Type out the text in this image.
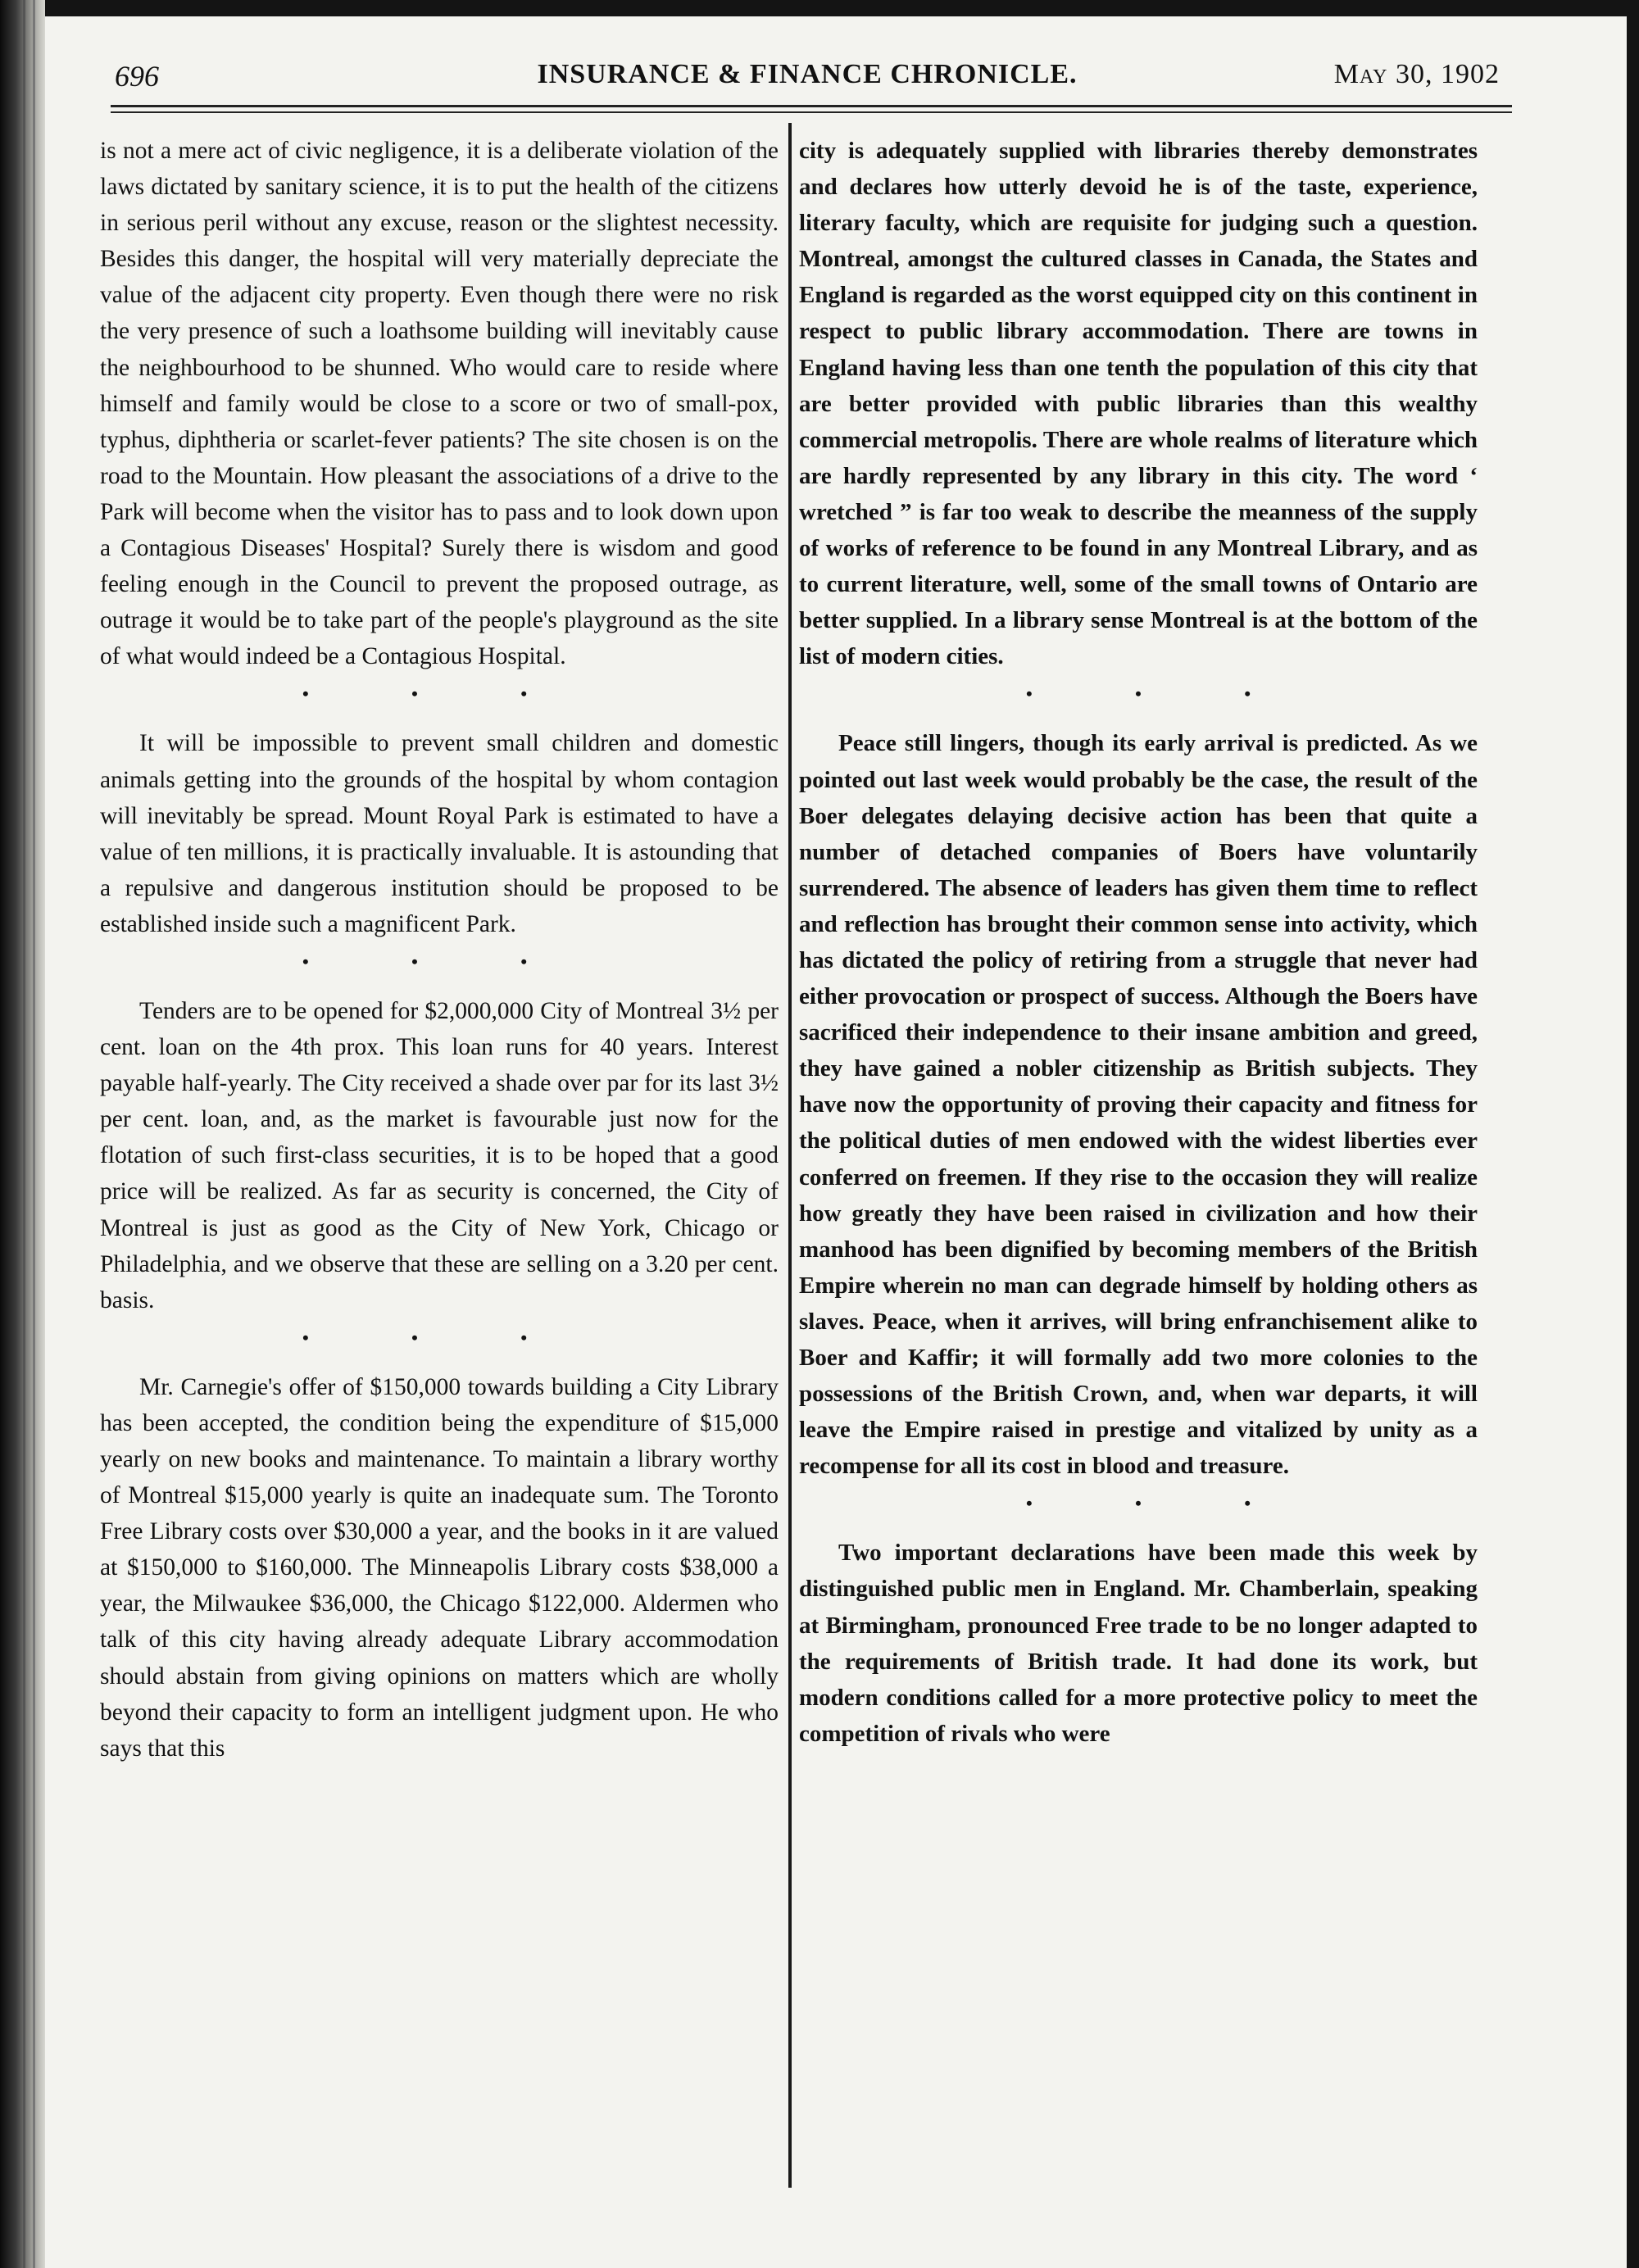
696	INSURANCE & FINANCE CHRONICLE.	May 30, 1902

is not a mere act of civic negligence, it is a deliberate violation of the laws dictated by sanitary science, it is to put the health of the citizens in serious peril without any excuse, reason or the slightest necessity. Besides this danger, the hospital will very materially depreciate the value of the adjacent city property. Even though there were no risk the very presence of such a loathsome building will inevitably cause the neighbourhood to be shunned. Who would care to reside where himself and family would be close to a score or two of small-pox, typhus, diphtheria or scarlet-fever patients? The site chosen is on the road to the Mountain. How pleasant the associations of a drive to the Park will become when the visitor has to pass and to look down upon a Contagious Diseases' Hospital? Surely there is wisdom and good feeling enough in the Council to prevent the proposed outrage, as outrage it would be to take part of the people's playground as the site of what would indeed be a Contagious Hospital.

• • •

It will be impossible to prevent small children and domestic animals getting into the grounds of the hospital by whom contagion will inevitably be spread. Mount Royal Park is estimated to have a value of ten millions, it is practically invaluable. It is astounding that a repulsive and dangerous institution should be proposed to be established inside such a magnificent Park.

• • •

Tenders are to be opened for $2,000,000 City of Montreal 3½ per cent. loan on the 4th prox. This loan runs for 40 years. Interest payable half-yearly. The City received a shade over par for its last 3½ per cent. loan, and, as the market is favourable just now for the flotation of such first-class securities, it is to be hoped that a good price will be realized. As far as security is concerned, the City of Montreal is just as good as the City of New York, Chicago or Philadelphia, and we observe that these are selling on a 3.20 per cent. basis.

• • •

Mr. Carnegie's offer of $150,000 towards building a City Library has been accepted, the condition being the expenditure of $15,000 yearly on new books and maintenance. To maintain a library worthy of Montreal $15,000 yearly is quite an inadequate sum. The Toronto Free Library costs over $30,000 a year, and the books in it are valued at $150,000 to $160,000. The Minneapolis Library costs $38,000 a year, the Milwaukee $36,000, the Chicago $122,000. Aldermen who talk of this city having already adequate Library accommodation should abstain from giving opinions on matters which are wholly beyond their capacity to form an intelligent judgment upon. He who says that this

city is adequately supplied with libraries thereby demonstrates and declares how utterly devoid he is of the taste, experience, literary faculty, which are requisite for judging such a question. Montreal, amongst the cultured classes in Canada, the States and England is regarded as the worst equipped city on this continent in respect to public library accommodation. There are towns in England having less than one tenth the population of this city that are better provided with public libraries than this wealthy commercial metropolis. There are whole realms of literature which are hardly represented by any library in this city. The word ‘ wretched ” is far too weak to describe the meanness of the supply of works of reference to be found in any Montreal Library, and as to current literature, well, some of the small towns of Ontario are better supplied. In a library sense Montreal is at the bottom of the list of modern cities.

• • •

Peace still lingers, though its early arrival is predicted. As we pointed out last week would probably be the case, the result of the Boer delegates delaying decisive action has been that quite a number of detached companies of Boers have voluntarily surrendered. The absence of leaders has given them time to reflect and reflection has brought their common sense into activity, which has dictated the policy of retiring from a struggle that never had either provocation or prospect of success. Although the Boers have sacrificed their independence to their insane ambition and greed, they have gained a nobler citizenship as British subjects. They have now the opportunity of proving their capacity and fitness for the political duties of men endowed with the widest liberties ever conferred on freemen. If they rise to the occasion they will realize how greatly they have been raised in civilization and how their manhood has been dignified by becoming members of the British Empire wherein no man can degrade himself by holding others as slaves. Peace, when it arrives, will bring enfranchisement alike to Boer and Kaffir; it will formally add two more colonies to the possessions of the British Crown, and, when war departs, it will leave the Empire raised in prestige and vitalized by unity as a recompense for all its cost in blood and treasure.

• • •

Two important declarations have been made this week by distinguished public men in England. Mr. Chamberlain, speaking at Birmingham, pronounced Free trade to be no longer adapted to the requirements of British trade. It had done its work, but modern conditions called for a more protective policy to meet the competition of rivals who were
